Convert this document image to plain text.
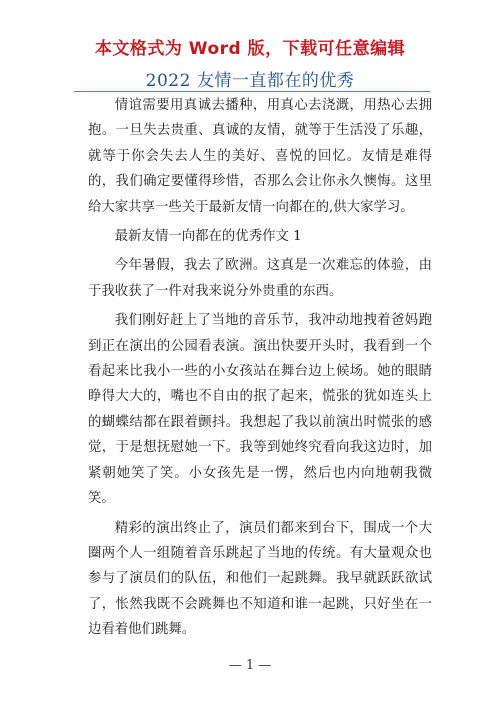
本文格式为 Word 版，下载可任意编辑
2022 友情一直都在的优秀

情谊需要用真诚去播种，用真心去浇溉，用热心去拥抱。一旦失去贵重、真诚的友情，就等于生活没了乐趣，就等于你会失去人生的美好、喜悦的回忆。友情是难得的，我们确定要懂得珍惜，否那么会让你永久懊悔。这里给大家共享一些关于最新友情一向都在的,供大家学习。

最新友情一向都在的优秀作文 1

今年暑假，我去了欧洲。这真是一次难忘的体验，由于我收获了一件对我来说分外贵重的东西。

我们刚好赶上了当地的音乐节，我冲动地拽着爸妈跑到正在演出的公园看表演。演出快要开头时，我看到一个看起来比我小一些的小女孩站在舞台边上候场。她的眼睛睁得大大的，嘴也不自由的抿了起来，慌张的犹如连头上的蝴蝶结都在跟着颤抖。我想起了我以前演出时慌张的感觉，于是想抚慰她一下。我等到她终究看向我这边时，加紧朝她笑了笑。小女孩先是一愣，然后也内向地朝我微笑。

精彩的演出终止了，演员们都来到台下，围成一个大圈两个人一组随着音乐跳起了当地的传统。有大量观众也参与了演员们的队伍，和他们一起跳舞。我早就跃跃欲试了，怅然我既不会跳舞也不知道和谁一起跳，只好坐在一边看着他们跳舞。

— 1 —
